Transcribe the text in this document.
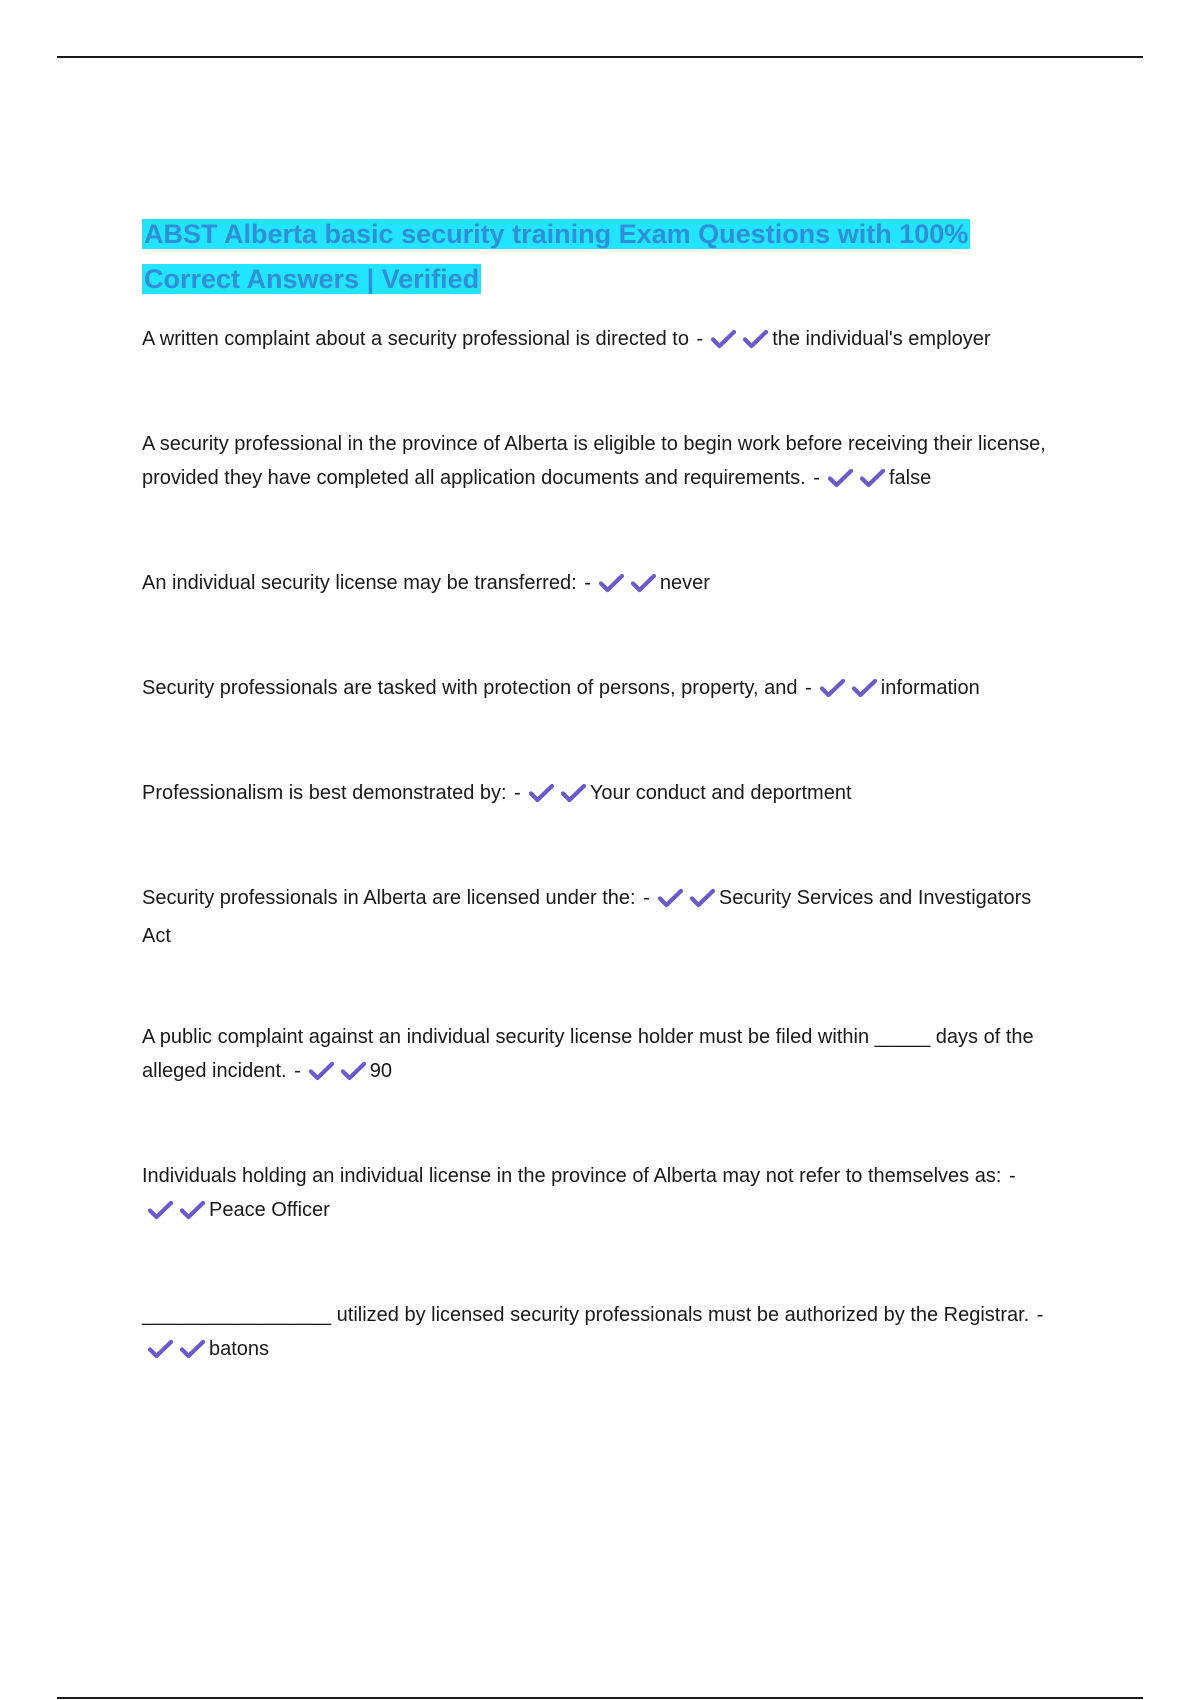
ABST Alberta basic security training Exam Questions with 100% Correct Answers | Verified

A written complaint about a security professional is directed to -	the individual's employer

A security professional in the province of Alberta is eligible to begin work before receiving their license, provided they have completed all application documents and requirements. -	false

An individual security license may be transferred: -	never

Security professionals are tasked with protection of persons, property, and -	information

Professionalism is best demonstrated by: -	Your conduct and deportment

Security professionals in Alberta are licensed under the: -	Security Services and Investigators Act

A public complaint against an individual security license holder must be filed within _____ days of the alleged incident. -	90

Individuals holding an individual license in the province of Alberta may not refer to themselves as: -Peace Officer

_________________ utilized by licensed security professionals must be authorized by the Registrar. -batons
